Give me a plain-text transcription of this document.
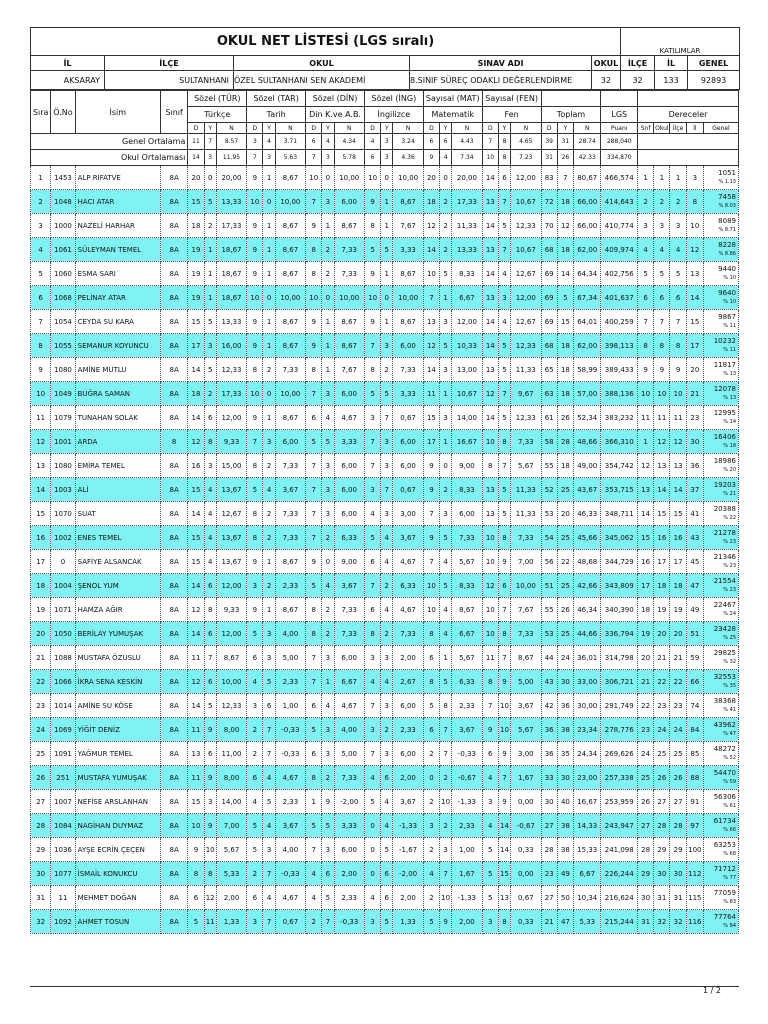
OKUL NET LİSTESİ (LGS sıralı)					KATILIMLAR		
İL	İLÇE	OKUL	SINAV ADI	OKUL	İLÇE	İL	GENEL
AKSARAY	SULTANHANI	ÖZEL SULTANHANI SEN AKADEMİ	8.SINIF SÜREÇ ODAKLI DEĞERLENDİRME	32	32	133	92893
Sıra	Ö.No	İsim	Sınıf	Sözel (TÜR)			Sözel (TAR)			Sözel (DİN)			Sözel (İNG)			Sayısal (MAT)			Sayısal (FEN)											
				Türkçe			Tarih			Din K.ve A.B.			İngilizce			Matematik			Fen			Toplam			LGS	Dereceler				
				D	Y	N	D	Y	N	D	Y	N	D	Y	N	D	Y	N	D	Y	N	D	Y	N	Puanı	Snf	Okul	İlçe	İl	Genel
Genel Ortalama				11	7	8.57	3	4	3.71	6	4	4.34	4	3	3.24	6	6	4.43	7	8	4.65	39	31	28.74	288,040					
Okul Ortalaması				14	3	11.95	7	3	5.63	7	3	5.78	6	3	4.36	9	4	7.34	10	8	7.23	31	26	42.33	334,870					
1	1453	ALP RIFATVE	8A	20	0	20,00	9	1	8,67	10	0	10,00	10	0	10,00	20	0	20,00	14	6	12,00	83	7	80,67	466,574	1	1	1	3	1051
% 1.13

2	1048	HACI ATAR	8A	15	5	13,33	10	0	10,00	7	3	6,00	9	1	8,67	18	2	17,33	13	7	10,67	72	18	66,00	414,643	2	2	2	8	7458
% 8.03

3	1000	NAZELİ HARHAR	8A	18	2	17,33	9	1	8,67	9	1	8,67	8	1	7,67	12	2	11,33	14	5	12,33	70	12	66,00	410,774	3	3	3	10	8089
% 8.71

4	1061	SÜLEYMAN TEMEL	8A	19	1	18,67	9	1	8,67	8	2	7,33	5	5	3,33	14	2	13,33	13	7	10,67	68	18	62,00	409,974	4	4	4	12	8228
% 8.86

5	1060	ESMA SARI	8A	19	1	18,67	9	1	8,67	8	2	7,33	9	1	8,67	10	5	8,33	14	4	12,67	69	14	64,34	402,756	5	5	5	13	9440
% 10

6	1068	PELİNAY ATAR	8A	19	1	18,67	10	0	10,00	10	0	10,00	10	0	10,00	7	1	6,67	13	3	12,00	69	5	67,34	401,637	6	6	6	14	9640
% 10

7	1054	CEYDA SU KARA	8A	15	5	13,33	9	1	8,67	9	1	8,67	9	1	8,67	13	3	12,00	14	4	12,67	69	15	64,01	400,259	7	7	7	15	9867
% 11

8	1055	SEMANUR KOYUNCU	8A	17	3	16,00	9	1	8,67	9	1	8,67	7	3	6,00	12	5	10,33	14	5	12,33	68	18	62,00	398,113	8	8	8	17	10232
% 11

9	1080	AMİNE MUTLU	8A	14	5	12,33	8	2	7,33	8	1	7,67	8	2	7,33	14	3	13,00	13	5	11,33	65	18	58,99	389,433	9	9	9	20	11817
% 13

10	1049	BUĞRA SAMAN	8A	18	2	17,33	10	0	10,00	7	3	6,00	5	5	3,33	11	1	10,67	12	7	9,67	63	18	57,00	388,136	10	10	10	21	12078
% 13

11	1079	TUNAHAN SOLAK	8A	14	6	12,00	9	1	8,67	6	4	4,67	3	7	0,67	15	3	14,00	14	5	12,33	61	26	52,34	383,232	11	11	11	23	12995
% 14

12	1001	ARDA	8	12	8	9,33	7	3	6,00	5	5	3,33	7	3	6,00	17	1	16,67	10	8	7,33	58	28	48,66	366,310	1	12	12	30	16406
% 18

13	1080	EMİRA TEMEL	8A	16	3	15,00	8	2	7,33	7	3	6,00	7	3	6,00	9	0	9,00	8	7	5,67	55	18	49,00	354,742	12	13	13	36	18986
% 20

14	1003	ALİ	8A	15	4	13,67	5	4	3,67	7	3	6,00	3	7	0,67	9	2	8,33	13	5	11,33	52	25	43,67	353,715	13	14	14	37	19203
% 21

15	1070	SUAT	8A	14	4	12,67	8	2	7,33	7	3	6,00	4	3	3,00	7	3	6,00	13	5	11,33	53	20	46,33	348,711	14	15	15	41	20388
% 22

16	1002	ENES TEMEL	8A	15	4	13,67	8	2	7,33	7	2	6,33	5	4	3,67	9	5	7,33	10	8	7,33	54	25	45,66	345,062	15	16	16	43	21278
% 23

17	0	SAFİYE ALSANCAK	8A	15	4	13,67	9	1	8,67	9	0	9,00	6	4	4,67	7	4	5,67	10	9	7,00	56	22	48,68	344,729	16	17	17	45	21346
% 23

18	1004	ŞENOL YUM	8A	14	6	12,00	3	2	2,33	5	4	3,67	7	2	6,33	10	5	8,33	12	6	10,00	51	25	42,66	343,809	17	18	18	47	21554
% 23

19	1071	HAMZA AĞIR	8A	12	8	9,33	9	1	8,67	8	2	7,33	6	4	4,67	10	4	8,67	10	7	7,67	55	26	46,34	340,390	18	19	19	49	22467
% 24

20	1050	BERİLAY YUMUŞAK	8A	14	6	12,00	5	3	4,00	8	2	7,33	8	2	7,33	8	4	6,67	10	8	7,33	53	25	44,66	336,794	19	20	20	51	23428
% 25

21	1088	MUSTAFA ÖZUSLU	8A	11	7	8,67	6	3	5,00	7	3	6,00	3	3	2,00	6	1	5,67	11	7	8,67	44	24	36,01	314,798	20	21	21	59	29825
% 32

22	1066	İKRA SENA KESKİN	8A	12	6	10,00	4	5	2,33	7	1	6,67	4	4	2,67	8	5	6,33	8	9	5,00	43	30	33,00	306,721	21	22	22	66	32553
% 35

23	1014	AMİNE SU KÖSE	8A	14	5	12,33	3	6	1,00	6	4	4,67	7	3	6,00	5	8	2,33	7	10	3,67	42	36	30,00	291,749	22	23	23	74	38368
% 41

24	1069	YİĞİT DENİZ	8A	11	9	8,00	2	7	-0,33	5	3	4,00	3	2	2,33	6	7	3,67	9	10	5,67	36	38	23,34	278,776	23	24	24	84	43962
% 47

25	1091	YAĞMUR TEMEL	8A	13	6	11,00	2	7	-0,33	6	3	5,00	7	3	6,00	2	7	-0,33	6	9	3,00	36	35	24,34	269,626	24	25	25	85	48272
% 52

26	251	MUSTAFA YUMUŞAK	8A	11	9	8,00	6	4	4,67	8	2	7,33	4	6	2,00	0	2	-0,67	4	7	1,67	33	30	23,00	257,338	25	26	26	88	54470
% 59

27	1007	NEFİSE ARSLANHAN	8A	15	3	14,00	4	5	2,33	1	9	-2,00	5	4	3,67	2	10	-1,33	3	9	0,00	30	40	16,67	253,959	26	27	27	91	56306
% 61

28	1084	NAGİHAN DUYMAZ	8A	10	9	7,00	5	4	3,67	5	5	3,33	0	4	-1,33	3	2	2,33	4	14	-0,67	27	38	14,33	243,947	27	28	28	97	61734
% 66

29	1036	AYŞE ECRİN ÇEÇEN	8A	9	10	5,67	5	3	4,00	7	3	6,00	0	5	-1,67	2	3	1,00	5	14	0,33	28	38	15,33	241,098	28	29	29	100	63253
% 68

30	1077	İSMAİL KONUKCU	8A	8	8	5,33	2	7	-0,33	4	6	2,00	0	6	-2,00	4	7	1,67	5	15	0,00	23	49	6,67	226,244	29	30	30	112	71712
% 77

31	11	MEHMET DOĞAN	8A	6	12	2,00	6	4	4,67	4	5	2,33	4	6	2,00	2	10	-1,33	5	13	0,67	27	50	10,34	216,624	30	31	31	115	77059
% 83

32	1092	AHMET TOSUN	8A	5	11	1,33	3	7	0,67	2	7	-0,33	3	5	1,33	5	9	2,00	3	8	0,33	21	47	5,33	215,244	31	32	32	116	77764
% 84
1 / 2
